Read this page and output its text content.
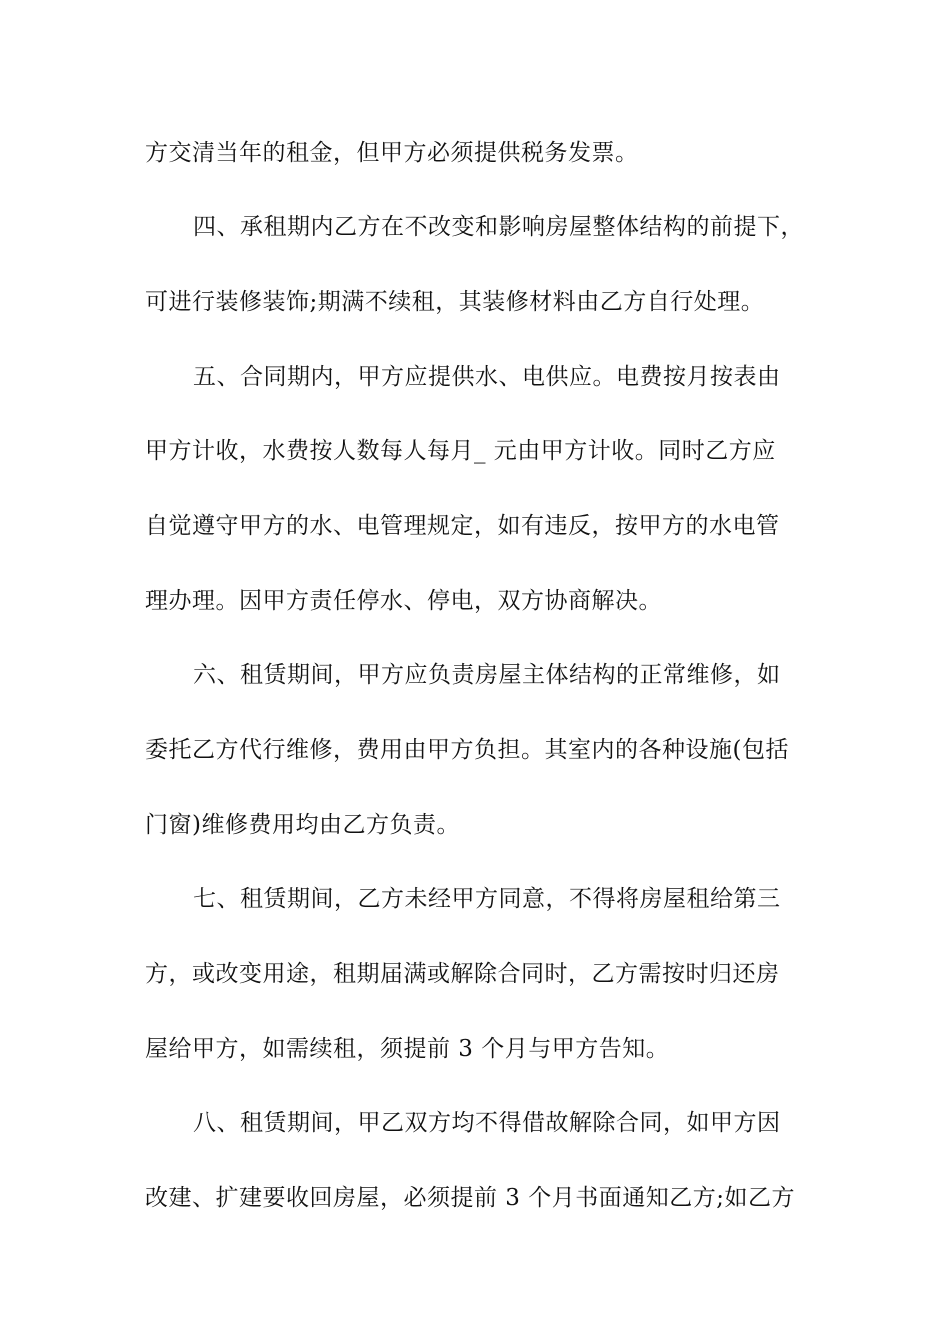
方交清当年的租金，但甲方必须提供税务发票。
四、承租期内乙方在不改变和影响房屋整体结构的前提下，
可进行装修装饰;期满不续租，其装修材料由乙方自行处理。
五、合同期内，甲方应提供水、电供应。电费按月按表由
甲方计收，水费按人数每人每月_ 元由甲方计收。同时乙方应
自觉遵守甲方的水、电管理规定，如有违反，按甲方的水电管
理办理。因甲方责任停水、停电，双方协商解决。
六、租赁期间，甲方应负责房屋主体结构的正常维修，如
委托乙方代行维修，费用由甲方负担。其室内的各种设施(包括
门窗)维修费用均由乙方负责。
七、租赁期间，乙方未经甲方同意，不得将房屋租给第三
方，或改变用途，租期届满或解除合同时，乙方需按时归还房
屋给甲方，如需续租，须提前 3 个月与甲方告知。
八、租赁期间，甲乙双方均不得借故解除合同，如甲方因
改建、扩建要收回房屋，必须提前 3 个月书面通知乙方;如乙方
